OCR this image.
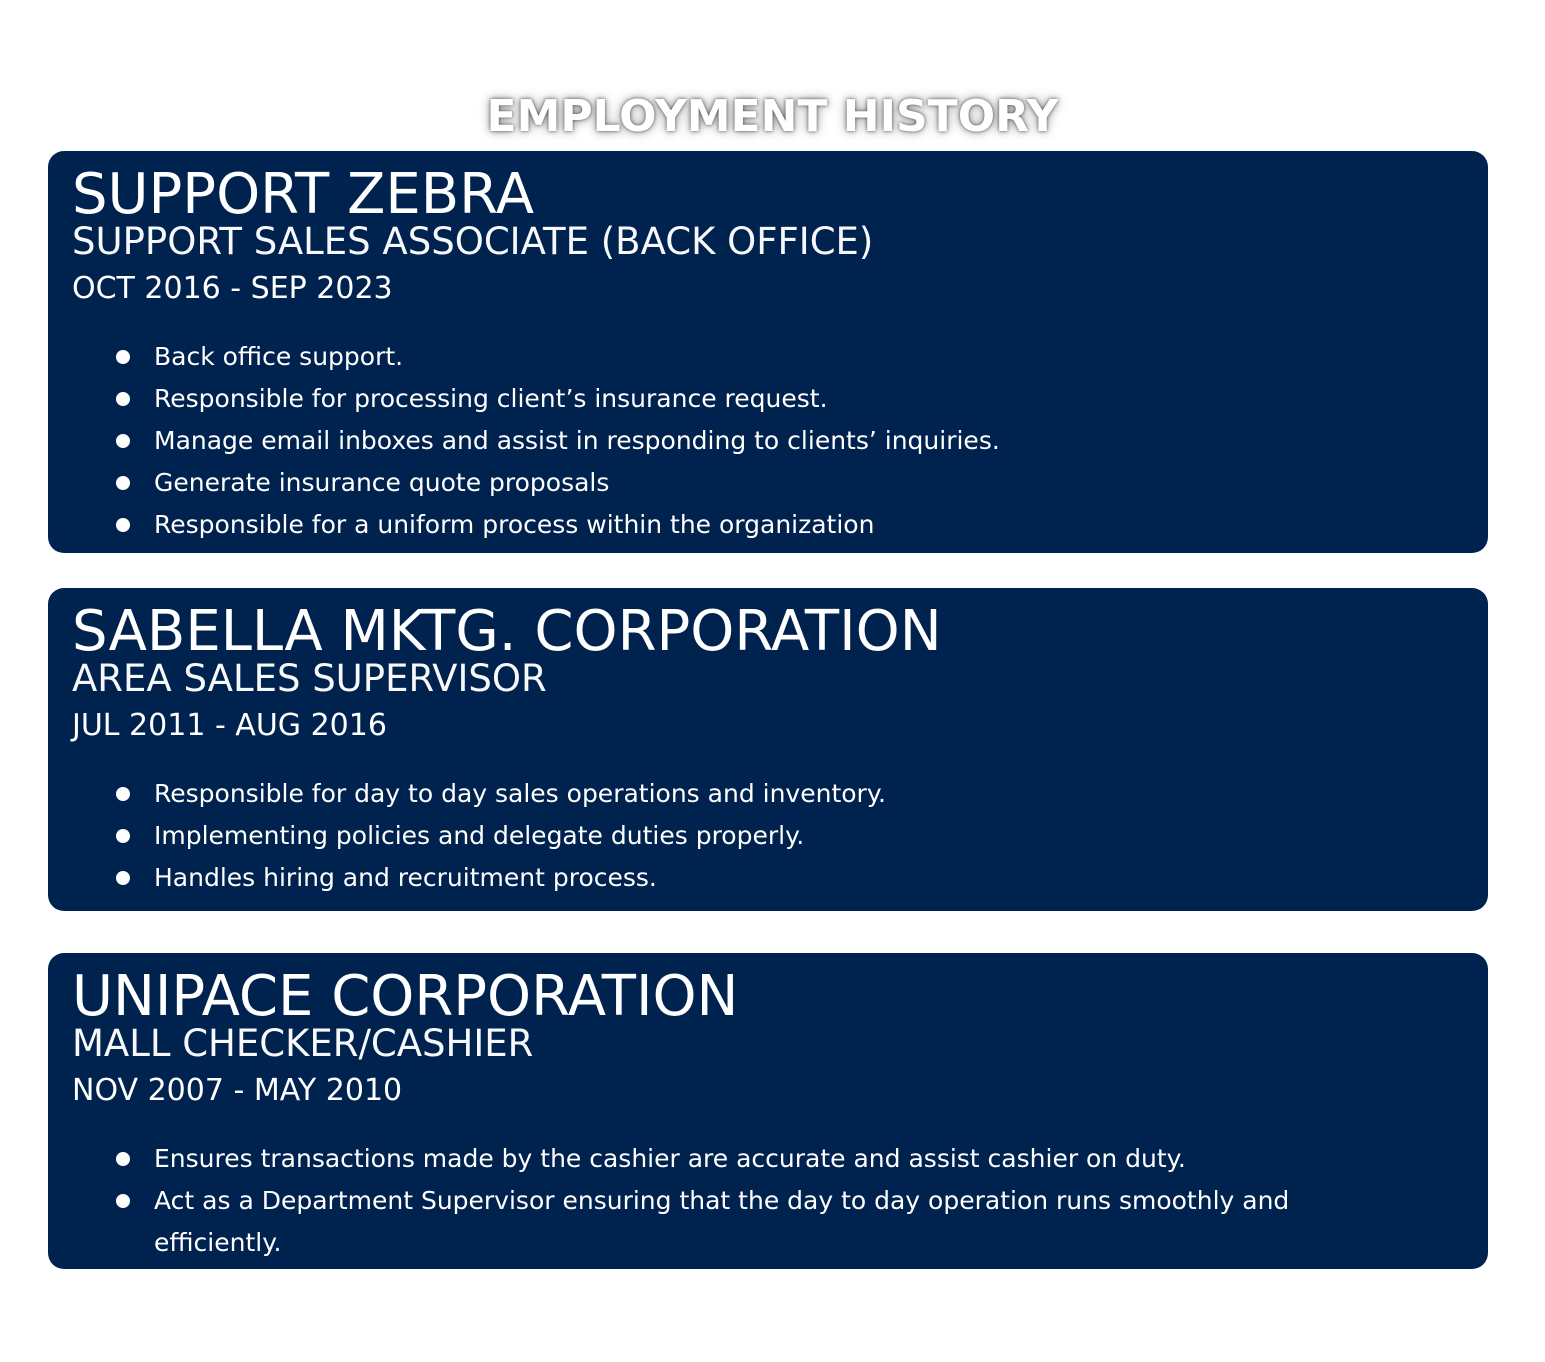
EMPLOYMENT HISTORY
SUPPORT ZEBRA
SUPPORT SALES ASSOCIATE (BACK OFFICE)
OCT 2016 - SEP 2023
Back office support.
Responsible for processing client’s insurance request.
Manage email inboxes and assist in responding to clients’ inquiries.
Generate insurance quote proposals
Responsible for a uniform process within the organization
SABELLA MKTG. CORPORATION
AREA SALES SUPERVISOR
JUL 2011 - AUG 2016
Responsible for day to day sales operations and inventory.
Implementing policies and delegate duties properly.
Handles hiring and recruitment process.
UNIPACE CORPORATION
MALL CHECKER/CASHIER
NOV 2007 - MAY 2010
Ensures transactions made by the cashier are accurate and assist cashier on duty.
Act as a Department Supervisor ensuring that the day to day operation runs smoothly and efficiently.
